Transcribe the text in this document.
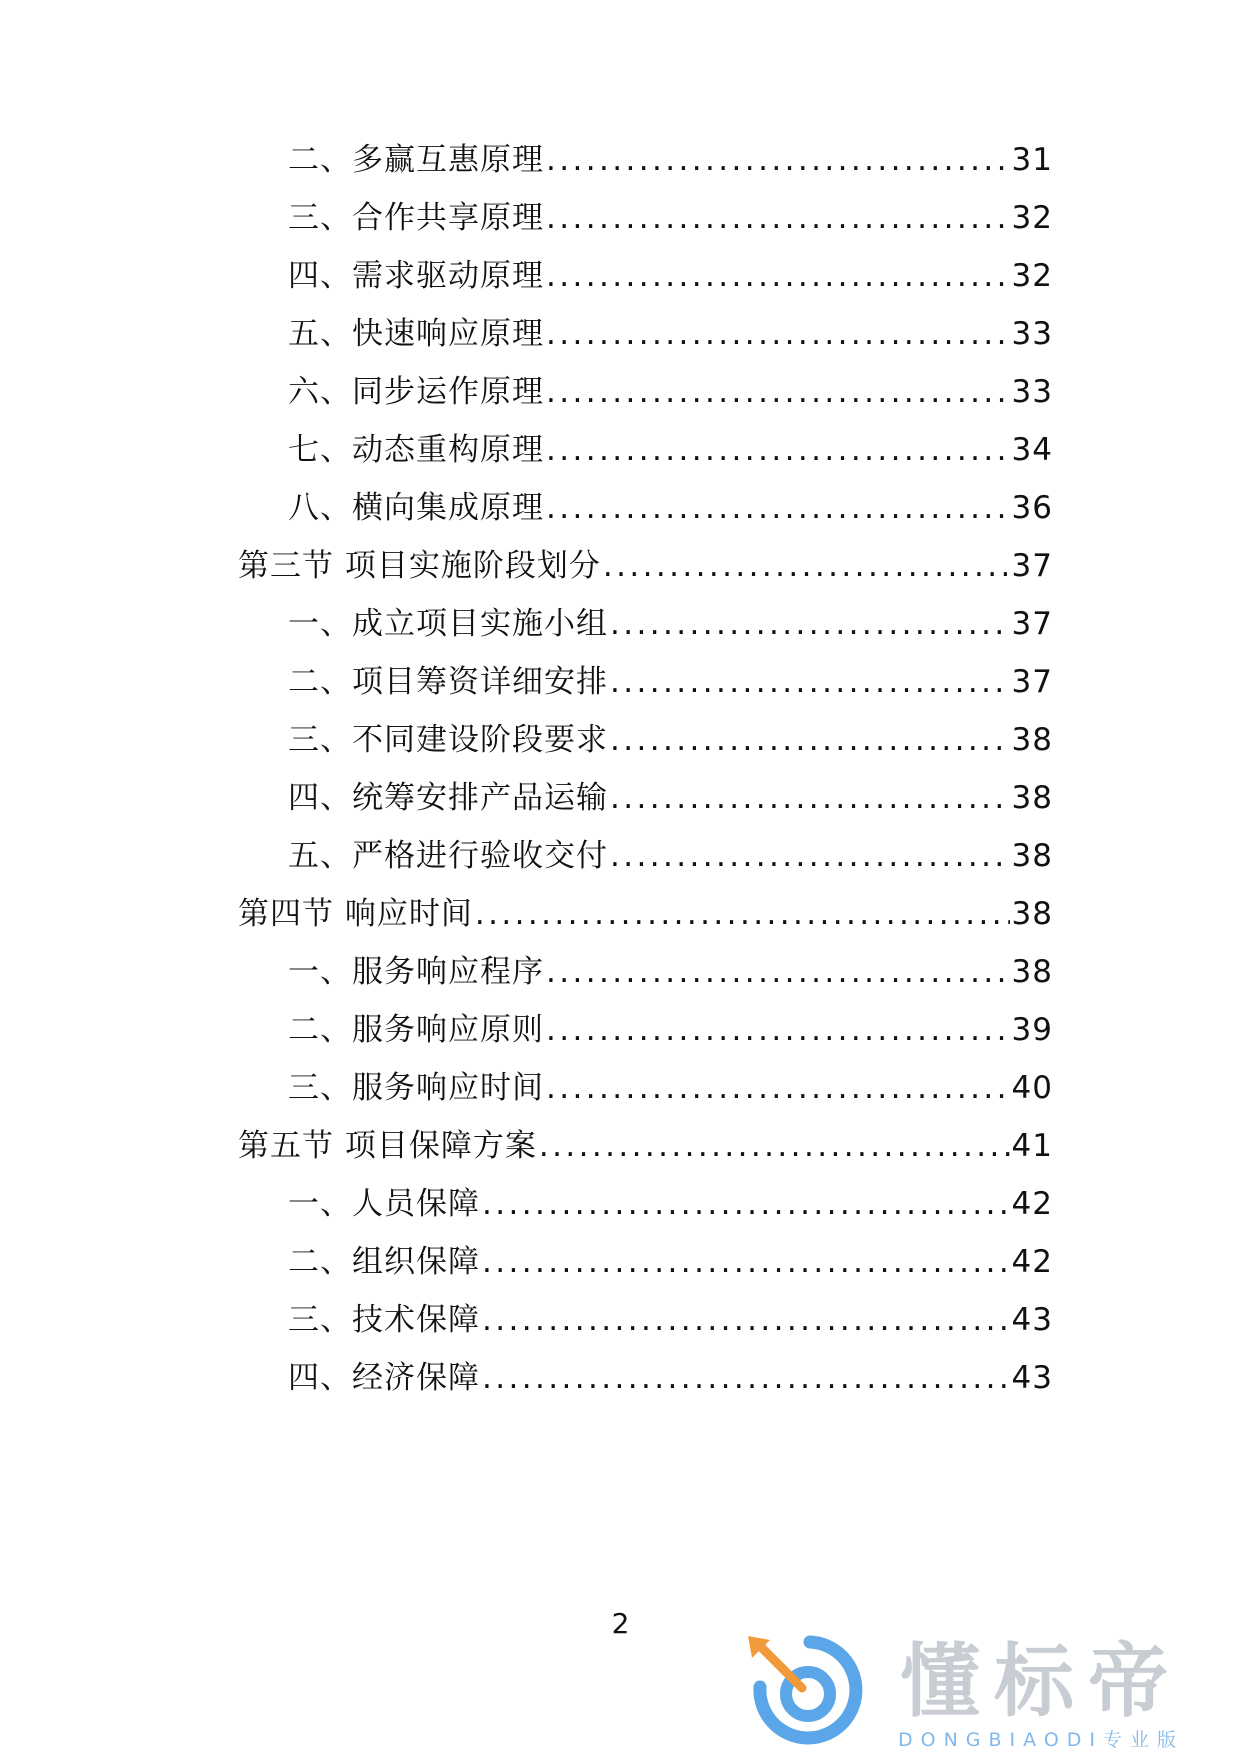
二、多赢互惠原理 .....	31
三、合作共享原理 .....	32
四、需求驱动原理 .....	32
五、快速响应原理 .....	33
六、同步运作原理 .....	33
七、动态重构原理 .....	34
八、横向集成原理 .....	36
第三节 项目实施阶段划分 .....	37
一、成立项目实施小组 .....	37
二、项目筹资详细安排 .....	37
三、不同建设阶段要求 .....	38
四、统筹安排产品运输 .....	38
五、严格进行验收交付 .....	38
第四节 响应时间 .....	38
一、服务响应程序 .....	38
二、服务响应原则 .....	39
三、服务响应时间 .....	40
第五节 项目保障方案 .....	41
一、人员保障 .....	42
二、组织保障 .....	42
三、技术保障 .....	43
四、经济保障 .....	43
2
懂标帝
DONGBIAODI专业版
